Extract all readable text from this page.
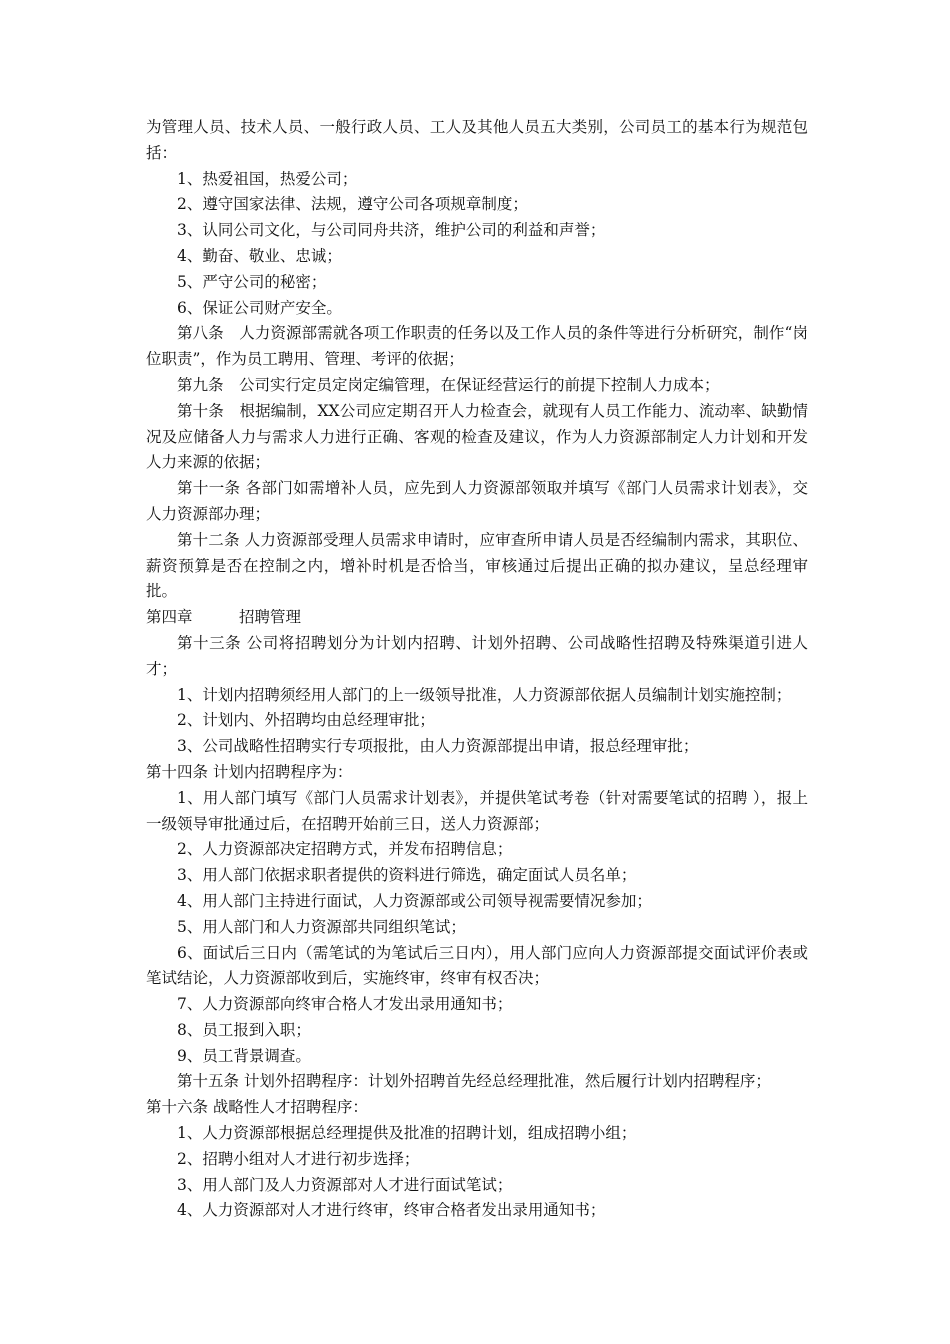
为管理人员、技术人员、一般行政人员、工人及其他人员五大类别，公司员工的基本行为规范包括：

1、热爱祖国，热爱公司；

2、遵守国家法律、法规，遵守公司各项规章制度；

3、认同公司文化，与公司同舟共济，维护公司的利益和声誉；

4、勤奋、敬业、忠诚；

5、严守公司的秘密；

6、保证公司财产安全。

第八条　人力资源部需就各项工作职责的任务以及工作人员的条件等进行分析研究，制作“岗位职责”，作为员工聘用、管理、考评的依据；

第九条　公司实行定员定岗定编管理，在保证经营运行的前提下控制人力成本；

第十条　根据编制，XX公司应定期召开人力检查会，就现有人员工作能力、流动率、缺勤情况及应储备人力与需求人力进行正确、客观的检查及建议，作为人力资源部制定人力计划和开发人力来源的依据；

第十一条 各部门如需增补人员，应先到人力资源部领取并填写《部门人员需求计划表》，交人力资源部办理；

第十二条 人力资源部受理人员需求申请时，应审查所申请人员是否经编制内需求，其职位、薪资预算是否在控制之内，增补时机是否恰当，审核通过后提出正确的拟办建议，呈总经理审批。

第四章　　　招聘管理

第十三条 公司将招聘划分为计划内招聘、计划外招聘、公司战略性招聘及特殊渠道引进人才；

1、计划内招聘须经用人部门的上一级领导批准，人力资源部依据人员编制计划实施控制；

2、计划内、外招聘均由总经理审批；

3、公司战略性招聘实行专项报批，由人力资源部提出申请，报总经理审批；

第十四条 计划内招聘程序为：

1、用人部门填写《部门人员需求计划表》，并提供笔试考卷（针对需要笔试的招聘 ），报上一级领导审批通过后，在招聘开始前三日，送人力资源部；

2、人力资源部决定招聘方式，并发布招聘信息；

3、用人部门依据求职者提供的资料进行筛选，确定面试人员名单；

4、用人部门主持进行面试，人力资源部或公司领导视需要情况参加；

5、用人部门和人力资源部共同组织笔试；

6、面试后三日内（需笔试的为笔试后三日内），用人部门应向人力资源部提交面试评价表或笔试结论，人力资源部收到后，实施终审，终审有权否决；

7、人力资源部向终审合格人才发出录用通知书；

8、员工报到入职；

9、员工背景调查。

第十五条 计划外招聘程序：计划外招聘首先经总经理批准，然后履行计划内招聘程序；

第十六条 战略性人才招聘程序：

1、人力资源部根据总经理提供及批准的招聘计划，组成招聘小组；

2、招聘小组对人才进行初步选择；

3、用人部门及人力资源部对人才进行面试笔试；

4、人力资源部对人才进行终审，终审合格者发出录用通知书；
